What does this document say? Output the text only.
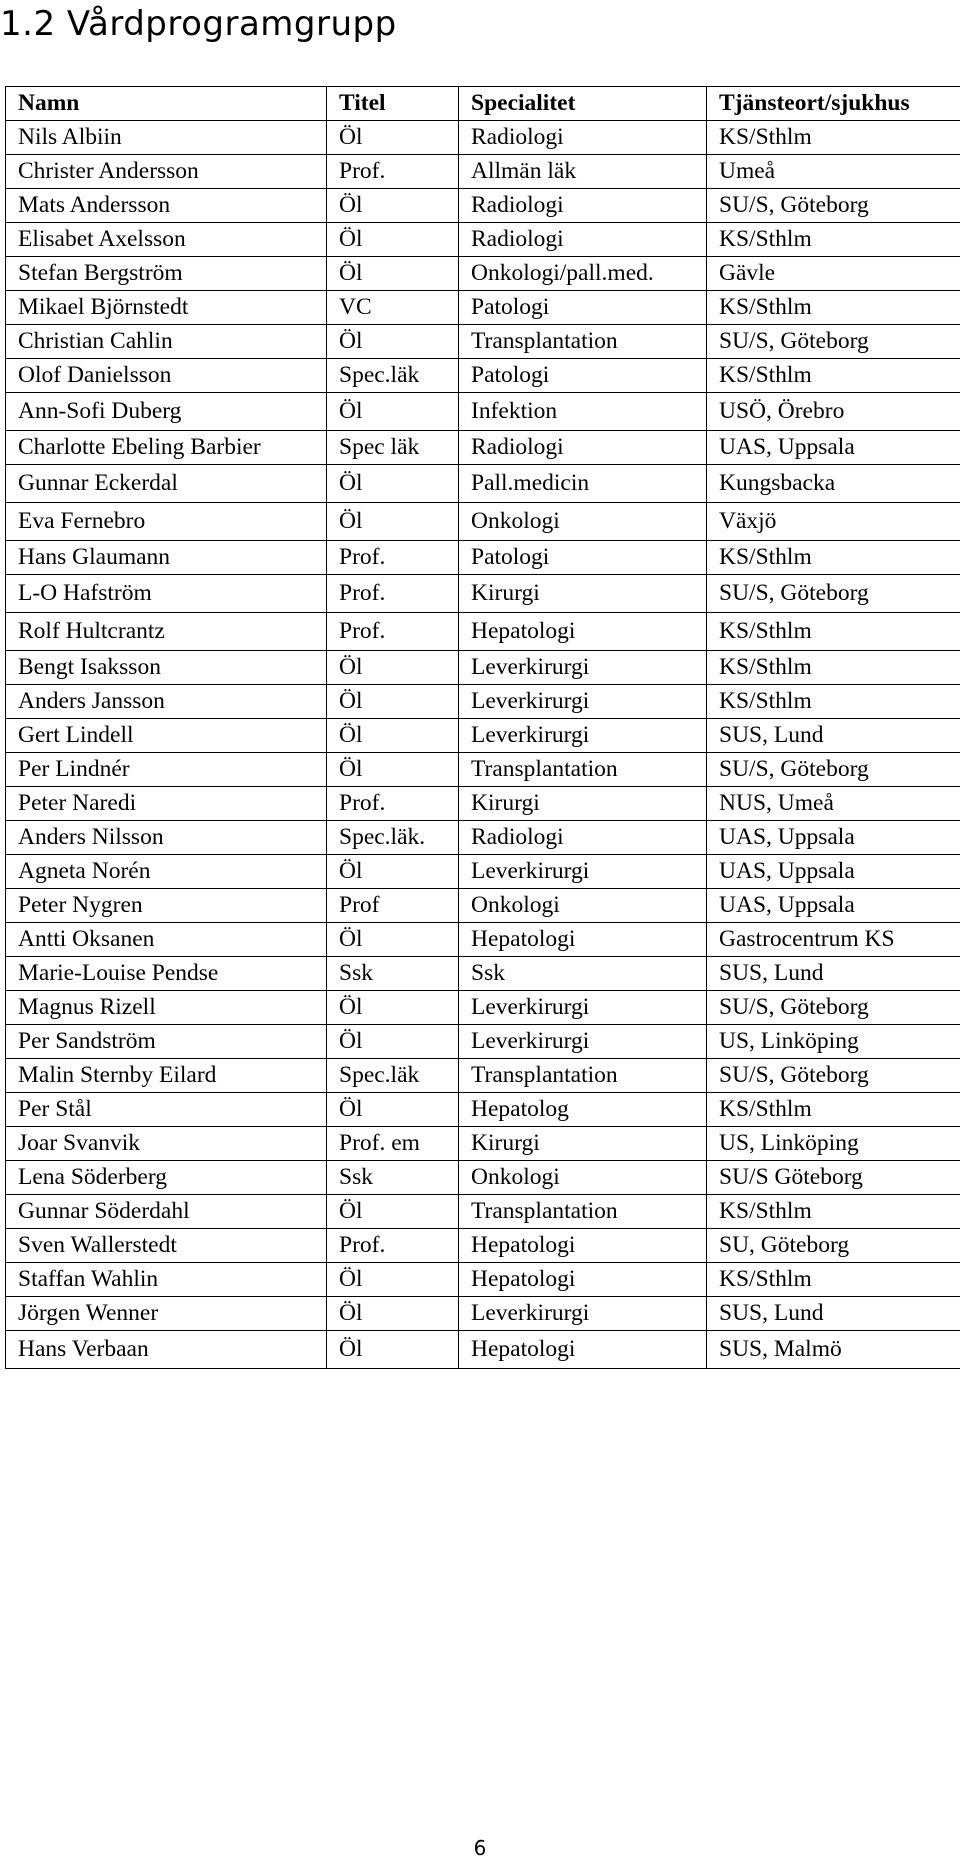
1.2 Vårdprogramgrupp
Namn	Titel	Specialitet	Tjänsteort/sjukhus
Nils Albiin	Öl	Radiologi	KS/Sthlm
Christer Andersson	Prof.	Allmän läk	Umeå
Mats Andersson	Öl	Radiologi	SU/S, Göteborg
Elisabet Axelsson	Öl	Radiologi	KS/Sthlm
Stefan Bergström	Öl	Onkologi/pall.med.	Gävle
Mikael Björnstedt	VC	Patologi	KS/Sthlm
Christian Cahlin	Öl	Transplantation	SU/S, Göteborg
Olof Danielsson	Spec.läk	Patologi	KS/Sthlm
Ann-Sofi Duberg	Öl	Infektion	USÖ, Örebro
Charlotte Ebeling Barbier	Spec läk	Radiologi	UAS, Uppsala
Gunnar Eckerdal	Öl	Pall.medicin	Kungsbacka
Eva Fernebro	Öl	Onkologi	Växjö
Hans Glaumann	Prof.	Patologi	KS/Sthlm
L-O Hafström	Prof.	Kirurgi	SU/S, Göteborg
Rolf Hultcrantz	Prof.	Hepatologi	KS/Sthlm
Bengt Isaksson	Öl	Leverkirurgi	KS/Sthlm
Anders Jansson	Öl	Leverkirurgi	KS/Sthlm
Gert Lindell	Öl	Leverkirurgi	SUS, Lund
Per Lindnér	Öl	Transplantation	SU/S, Göteborg
Peter Naredi	Prof.	Kirurgi	NUS, Umeå
Anders Nilsson	Spec.läk.	Radiologi	UAS, Uppsala
Agneta Norén	Öl	Leverkirurgi	UAS, Uppsala
Peter Nygren	Prof	Onkologi	UAS, Uppsala
Antti Oksanen	Öl	Hepatologi	Gastrocentrum KS
Marie-Louise Pendse	Ssk	Ssk	SUS, Lund
Magnus Rizell	Öl	Leverkirurgi	SU/S, Göteborg
Per Sandström	Öl	Leverkirurgi	US, Linköping
Malin Sternby Eilard	Spec.läk	Transplantation	SU/S, Göteborg
Per Stål	Öl	Hepatolog	KS/Sthlm
Joar Svanvik	Prof. em	Kirurgi	US, Linköping
Lena Söderberg	Ssk	Onkologi	SU/S Göteborg
Gunnar Söderdahl	Öl	Transplantation	KS/Sthlm
Sven Wallerstedt	Prof.	Hepatologi	SU, Göteborg
Staffan Wahlin	Öl	Hepatologi	KS/Sthlm
Jörgen Wenner	Öl	Leverkirurgi	SUS, Lund
Hans Verbaan	Öl	Hepatologi	SUS, Malmö
6
